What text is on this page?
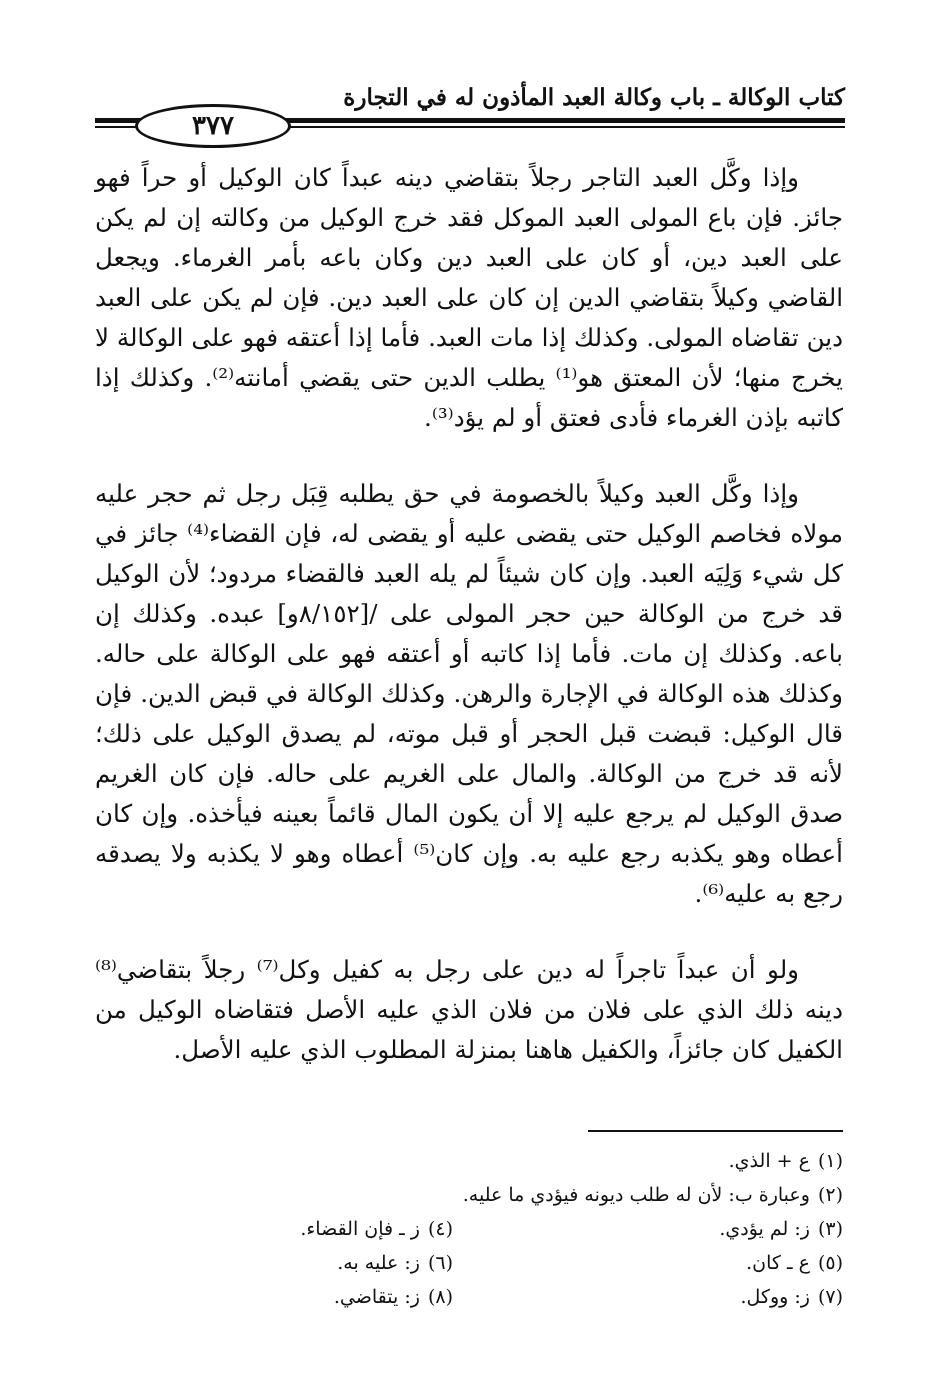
كتاب الوكالة ـ باب وكالة العبد المأذون له في التجارة
٣٧٧

وإذا وكَّل العبد التاجر رجلاً بتقاضي دينه عبداً كان الوكيل أو حراً فهو جائز. فإن باع المولى العبد الموكل فقد خرج الوكيل من وكالته إن لم يكن على العبد دين، أو كان على العبد دين وكان باعه بأمر الغرماء. ويجعل القاضي وكيلاً بتقاضي الدين إن كان على العبد دين. فإن لم يكن على العبد دين تقاضاه المولى. وكذلك إذا مات العبد. فأما إذا أعتقه فهو على الوكالة لا يخرج منها؛ لأن المعتق هو⁽¹⁾ يطلب الدين حتى يقضي أمانته⁽²⁾. وكذلك إذا كاتبه بإذن الغرماء فأدى فعتق أو لم يؤد⁽³⁾.

وإذا وكَّل العبد وكيلاً بالخصومة في حق يطلبه قِبَل رجل ثم حجر عليه مولاه فخاصم الوكيل حتى يقضى عليه أو يقضى له، فإن القضاء⁽⁴⁾ جائز في كل شيء وَلِيَه العبد. وإن كان شيئاً لم يله العبد فالقضاء مردود؛ لأن الوكيل قد خرج من الوكالة حين حجر المولى على /[٨/١٥٢و] عبده. وكذلك إن باعه. وكذلك إن مات. فأما إذا كاتبه أو أعتقه فهو على الوكالة على حاله. وكذلك هذه الوكالة في الإجارة والرهن. وكذلك الوكالة في قبض الدين. فإن قال الوكيل: قبضت قبل الحجر أو قبل موته، لم يصدق الوكيل على ذلك؛ لأنه قد خرج من الوكالة. والمال على الغريم على حاله. فإن كان الغريم صدق الوكيل لم يرجع عليه إلا أن يكون المال قائماً بعينه فيأخذه. وإن كان أعطاه وهو يكذبه رجع عليه به. وإن كان⁽⁵⁾ أعطاه وهو لا يكذبه ولا يصدقه رجع به عليه⁽⁶⁾.

ولو أن عبداً تاجراً له دين على رجل به كفيل وكل⁽⁷⁾ رجلاً بتقاضي⁽⁸⁾ دينه ذلك الذي على فلان من فلان الذي عليه الأصل فتقاضاه الوكيل من الكفيل كان جائزاً، والكفيل هاهنا بمنزلة المطلوب الذي عليه الأصل.

(١)ع + الذي.
(٢)وعبارة ب: لأن له طلب ديونه فيؤدي ما عليه.
(٣)ز: لم يؤدي.
(٤)ز ـ فإن القضاء.
(٥)ع ـ كان.
(٦)ز: عليه به.
(٧)ز: ووكل.
(٨)ز: يتقاضي.
